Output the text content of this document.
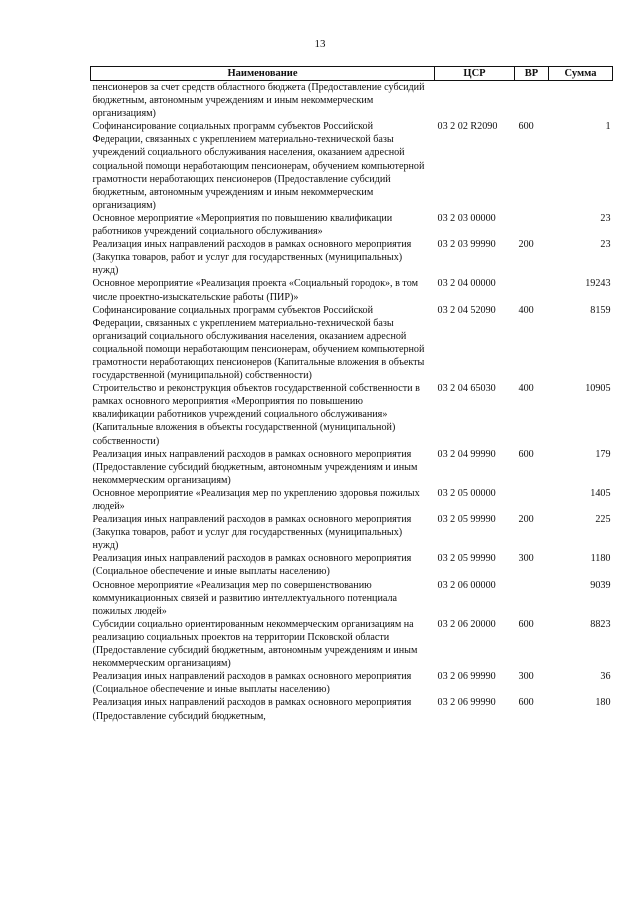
13
Наименование	ЦСР	ВР	Сумма
пенсионеров за счет средств областного бюджета (Предоставление субсидий бюджетным, автономным учреждениям и иным некоммерческим организациям)			
Софинансирование социальных программ субъектов Российской Федерации, связанных с укреплением материально-технической базы учреждений социального обслуживания населения, оказанием адресной социальной помощи неработающим пенсионерам, обучением компьютерной грамотности неработающих пенсионеров (Предоставление субсидий бюджетным, автономным учреждениям и иным некоммерческим организациям)	03 2 02 R2090	600	1
Основное мероприятие «Мероприятия по повышению квалификации работников учреждений социального обслуживания»	03 2 03 00000		23
Реализация иных направлений расходов в рамках основного мероприятия (Закупка товаров, работ и услуг для государственных (муниципальных) нужд)	03 2 03 99990	200	23
Основное мероприятие «Реализация проекта «Социальный городок», в том числе проектно-изыскательские работы (ПИР)»	03 2 04 00000		19243
Софинансирование социальных программ субъектов Российской Федерации, связанных с укреплением материально-технической базы организаций социального обслуживания населения, оказанием адресной социальной помощи неработающим пенсионерам, обучением компьютерной грамотности неработающих пенсионеров (Капитальные вложения в объекты государственной (муниципальной) собственности)	03 2 04 52090	400	8159
Строительство и реконструкция объектов государственной собственности в рамках основного мероприятия «Мероприятия по повышению квалификации работников учреждений социального обслуживания» (Капитальные вложения в объекты государственной (муниципальной) собственности)	03 2 04 65030	400	10905
Реализация иных направлений расходов в рамках основного мероприятия (Предоставление субсидий бюджетным, автономным учреждениям и иным некоммерческим организациям)	03 2 04 99990	600	179
Основное мероприятие «Реализация мер по укреплению здоровья пожилых людей»	03 2 05 00000		1405
Реализация иных направлений расходов в рамках основного мероприятия (Закупка товаров, работ и услуг для государственных (муниципальных) нужд)	03 2 05 99990	200	225
Реализация иных направлений расходов в рамках основного мероприятия (Социальное обеспечение и иные выплаты населению)	03 2 05 99990	300	1180
Основное мероприятие «Реализация мер по совершенствованию коммуникационных связей и развитию интеллектуального потенциала пожилых людей»	03 2 06 00000		9039
Субсидии социально ориентированным некоммерческим организациям на реализацию социальных проектов на территории Псковской области (Предоставление субсидий бюджетным, автономным учреждениям и иным некоммерческим организациям)	03 2 06 20000	600	8823
Реализация иных направлений расходов в рамках основного мероприятия (Социальное обеспечение и иные выплаты населению)	03 2 06 99990	300	36
Реализация иных направлений расходов в рамках основного мероприятия (Предоставление субсидий бюджетным,	03 2 06 99990	600	180
